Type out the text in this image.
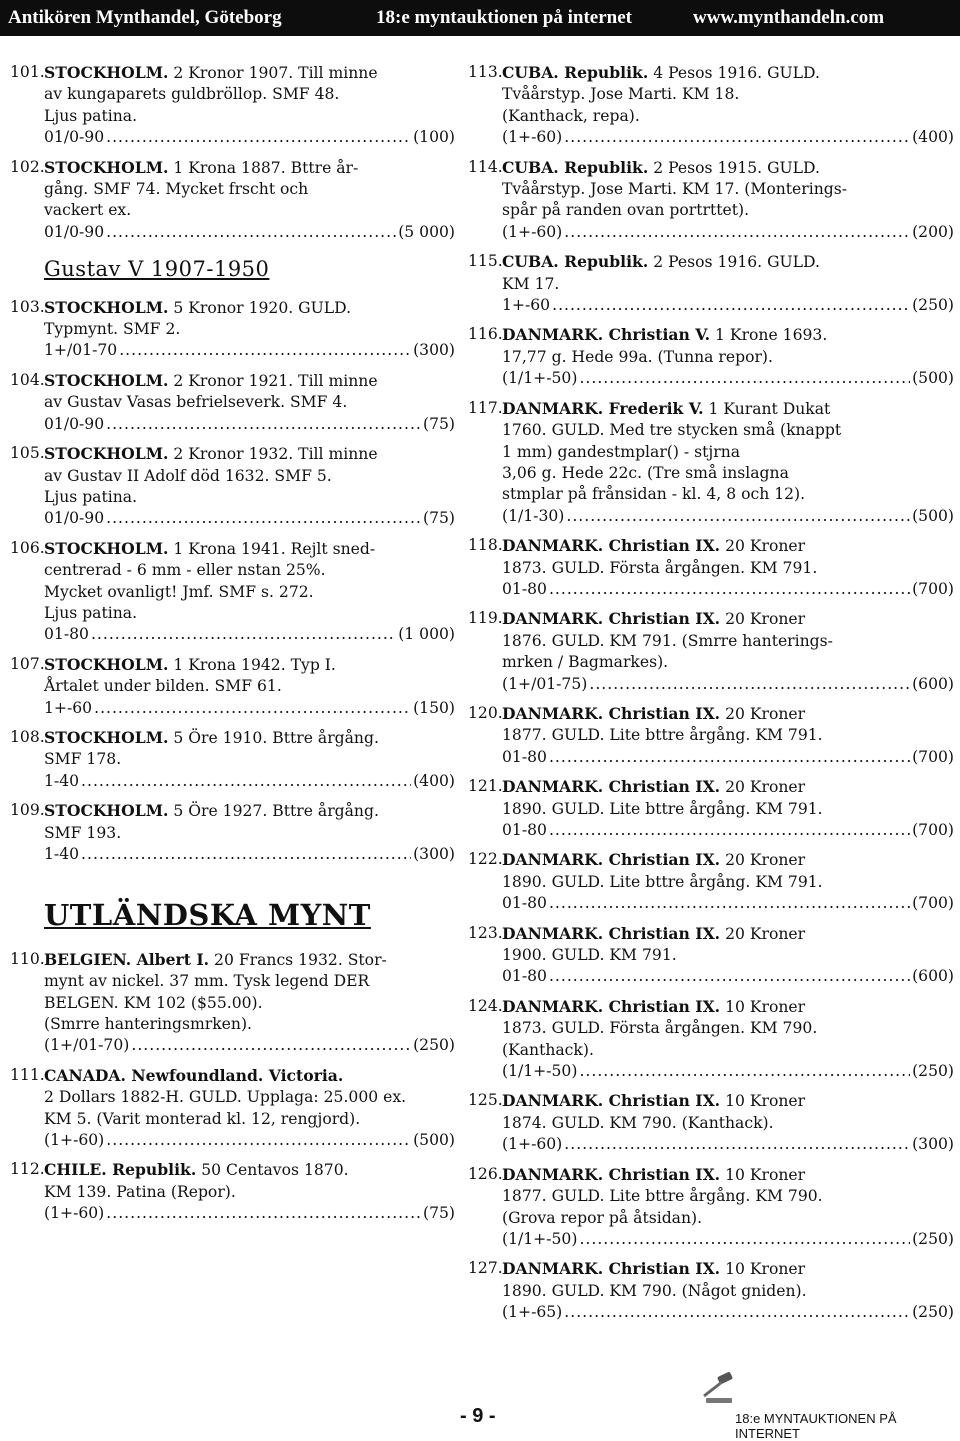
Antikören Mynthandel, Göteborg	18:e myntauktionen på internet	www.mynthandeln.com
101. STOCKHOLM. 2 Kronor 1907. Till minne
av kungaparets guldbröllop. SMF 48.
Ljus patina.
01/0-90 .....	(100)
102. STOCKHOLM. 1 Krona 1887. Bttre år-
gång. SMF 74. Mycket frscht och
vackert ex.
01/0-90 .....	(5 000)
Gustav V 1907-1950
103. STOCKHOLM. 5 Kronor 1920. GULD.
Typmynt. SMF 2.
1+/01-70 .....	(300)
104. STOCKHOLM. 2 Kronor 1921. Till minne
av Gustav Vasas befrielseverk. SMF 4.
01/0-90 .....	(75)
105. STOCKHOLM. 2 Kronor 1932. Till minne
av Gustav II Adolf död 1632. SMF 5.
Ljus patina.
01/0-90 .....	(75)
106. STOCKHOLM. 1 Krona 1941. Rejlt sned-
centrerad - 6 mm - eller nstan 25%.
Mycket ovanligt! Jmf. SMF s. 272.
Ljus patina.
01-80 .....	(1 000)
107. STOCKHOLM. 1 Krona 1942. Typ I.
Årtalet under bilden. SMF 61.
1+-60 .....	(150)
108. STOCKHOLM. 5 Öre 1910. Bttre årgång.
SMF 178.
1-40 .....	(400)
109. STOCKHOLM. 5 Öre 1927. Bttre årgång.
SMF 193.
1-40 .....	(300)
UTLÄNDSKA MYNT
110. BELGIEN. Albert I. 20 Francs 1932. Stor-
mynt av nickel. 37 mm. Tysk legend DER
BELGEN. KM 102 ($55.00).
(Smrre hanteringsmrken).
(1+/01-70) .....	(250)
111. CANADA. Newfoundland. Victoria.
2 Dollars 1882-H. GULD. Upplaga: 25.000 ex.
KM 5. (Varit monterad kl. 12, rengjord).
(1+-60) .....	(500)
112. CHILE. Republik. 50 Centavos 1870.
KM 139. Patina (Repor).
(1+-60) .....	(75)
113. CUBA. Republik. 4 Pesos 1916. GULD.
Tvåårstyp. Jose Marti. KM 18.
(Kanthack, repa).
(1+-60) .....	(400)
114. CUBA. Republik. 2 Pesos 1915. GULD.
Tvåårstyp. Jose Marti. KM 17. (Monterings-
spår på randen ovan portrttet).
(1+-60) .....	(200)
115. CUBA. Republik. 2 Pesos 1916. GULD.
KM 17.
1+-60 .....	(250)
116. DANMARK. Christian V. 1 Krone 1693.
17,77 g. Hede 99a. (Tunna repor).
(1/1+-50) .....	(500)
117. DANMARK. Frederik V. 1 Kurant Dukat
1760. GULD. Med tre stycken små (knappt
1 mm) gandestmplar() - stjrna
3,06 g. Hede 22c. (Tre små inslagna
stmplar på frånsidan - kl. 4, 8 och 12).
(1/1-30) .....	(500)
118. DANMARK. Christian IX. 20 Kroner
1873. GULD. Första årgången. KM 791.
01-80 .....	(700)
119. DANMARK. Christian IX. 20 Kroner
1876. GULD. KM 791. (Smrre hanterings-
mrken / Bagmarkes).
(1+/01-75) .....	(600)
120. DANMARK. Christian IX. 20 Kroner
1877. GULD. Lite bttre årgång. KM 791.
01-80 .....	(700)
121. DANMARK. Christian IX. 20 Kroner
1890. GULD. Lite bttre årgång. KM 791.
01-80 .....	(700)
122. DANMARK. Christian IX. 20 Kroner
1890. GULD. Lite bttre årgång. KM 791.
01-80 .....	(700)
123. DANMARK. Christian IX. 20 Kroner
1900. GULD. KM 791.
01-80 .....	(600)
124. DANMARK. Christian IX. 10 Kroner
1873. GULD. Första årgången. KM 790.
(Kanthack).
(1/1+-50) .....	(250)
125. DANMARK. Christian IX. 10 Kroner
1874. GULD. KM 790. (Kanthack).
(1+-60) .....	(300)
126. DANMARK. Christian IX. 10 Kroner
1877. GULD. Lite bttre årgång. KM 790.
(Grova repor på åtsidan).
(1/1+-50) .....	(250)
127. DANMARK. Christian IX. 10 Kroner
1890. GULD. KM 790. (Något gniden).
(1+-65) .....	(250)
- 9 -	18:e MYNTAUKTIONEN PÅ INTERNET
